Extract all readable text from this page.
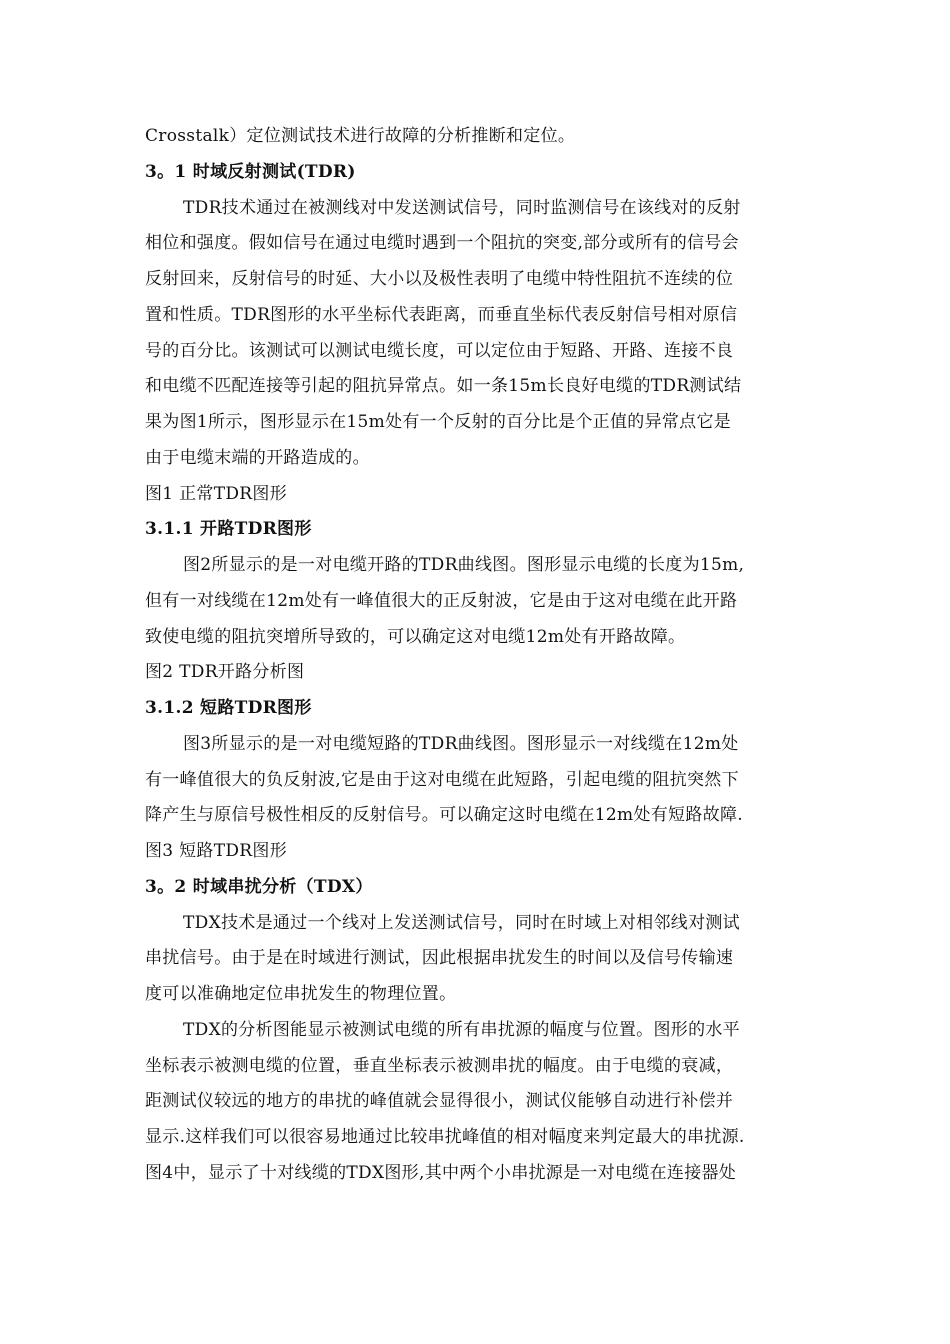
Crosstalk）定位测试技术进行故障的分析推断和定位。
3。1 时域反射测试(TDR)
TDR技术通过在被测线对中发送测试信号，同时监测信号在该线对的反射
相位和强度。假如信号在通过电缆时遇到一个阻抗的突变,部分或所有的信号会
反射回来，反射信号的时延、大小以及极性表明了电缆中特性阻抗不连续的位
置和性质。TDR图形的水平坐标代表距离，而垂直坐标代表反射信号相对原信
号的百分比。该测试可以测试电缆长度，可以定位由于短路、开路、连接不良
和电缆不匹配连接等引起的阻抗异常点。如一条15m长良好电缆的TDR测试结
果为图1所示，图形显示在15m处有一个反射的百分比是个正值的异常点它是
由于电缆末端的开路造成的。
图1 正常TDR图形
3.1.1 开路TDR图形
图2所显示的是一对电缆开路的TDR曲线图。图形显示电缆的长度为15m,
但有一对线缆在12m处有一峰值很大的正反射波，它是由于这对电缆在此开路
致使电缆的阻抗突增所导致的，可以确定这对电缆12m处有开路故障。
图2 TDR开路分析图
3.1.2 短路TDR图形
图3所显示的是一对电缆短路的TDR曲线图。图形显示一对线缆在12m处
有一峰值很大的负反射波,它是由于这对电缆在此短路，引起电缆的阻抗突然下
降产生与原信号极性相反的反射信号。可以确定这时电缆在12m处有短路故障.
图3 短路TDR图形
3。2 时域串扰分析（TDX）
TDX技术是通过一个线对上发送测试信号，同时在时域上对相邻线对测试
串扰信号。由于是在时域进行测试，因此根据串扰发生的时间以及信号传输速
度可以准确地定位串扰发生的物理位置。
TDX的分析图能显示被测试电缆的所有串扰源的幅度与位置。图形的水平
坐标表示被测电缆的位置，垂直坐标表示被测串扰的幅度。由于电缆的衰减，
距测试仪较远的地方的串扰的峰值就会显得很小，测试仪能够自动进行补偿并
显示.这样我们可以很容易地通过比较串扰峰值的相对幅度来判定最大的串扰源.
图4中，显示了十对线缆的TDX图形,其中两个小串扰源是一对电缆在连接器处
